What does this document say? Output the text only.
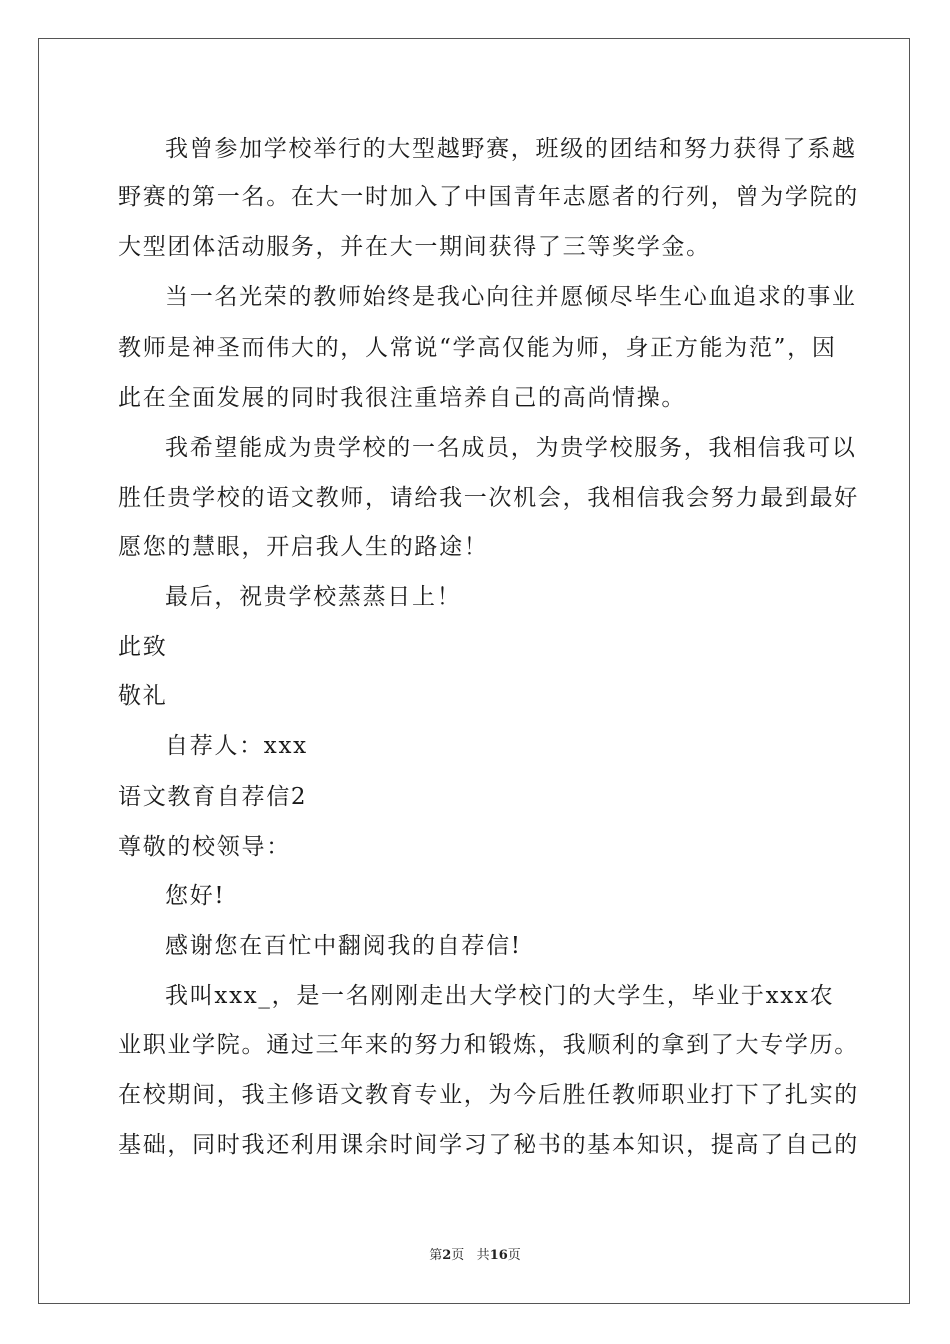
我曾参加学校举行的大型越野赛，班级的团结和努力获得了系越
野赛的第一名。在大一时加入了中国青年志愿者的行列，曾为学院的
大型团体活动服务，并在大一期间获得了三等奖学金。
当一名光荣的教师始终是我心向往并愿倾尽毕生心血追求的事业
教师是神圣而伟大的，人常说“学高仅能为师，身正方能为范”，因
此在全面发展的同时我很注重培养自己的高尚情操。
我希望能成为贵学校的一名成员，为贵学校服务，我相信我可以
胜任贵学校的语文教师，请给我一次机会，我相信我会努力最到最好
愿您的慧眼，开启我人生的路途！
最后，祝贵学校蒸蒸日上！
此致
敬礼
自荐人：xxx
语文教育自荐信2
尊敬的校领导：
您好!
感谢您在百忙中翻阅我的自荐信!
我叫xxx_，是一名刚刚走出大学校门的大学生，毕业于xxx农
业职业学院。通过三年来的努力和锻炼，我顺利的拿到了大专学历。
在校期间，我主修语文教育专业，为今后胜任教师职业打下了扎实的
基础，同时我还利用课余时间学习了秘书的基本知识，提高了自己的
第2页 共16页
